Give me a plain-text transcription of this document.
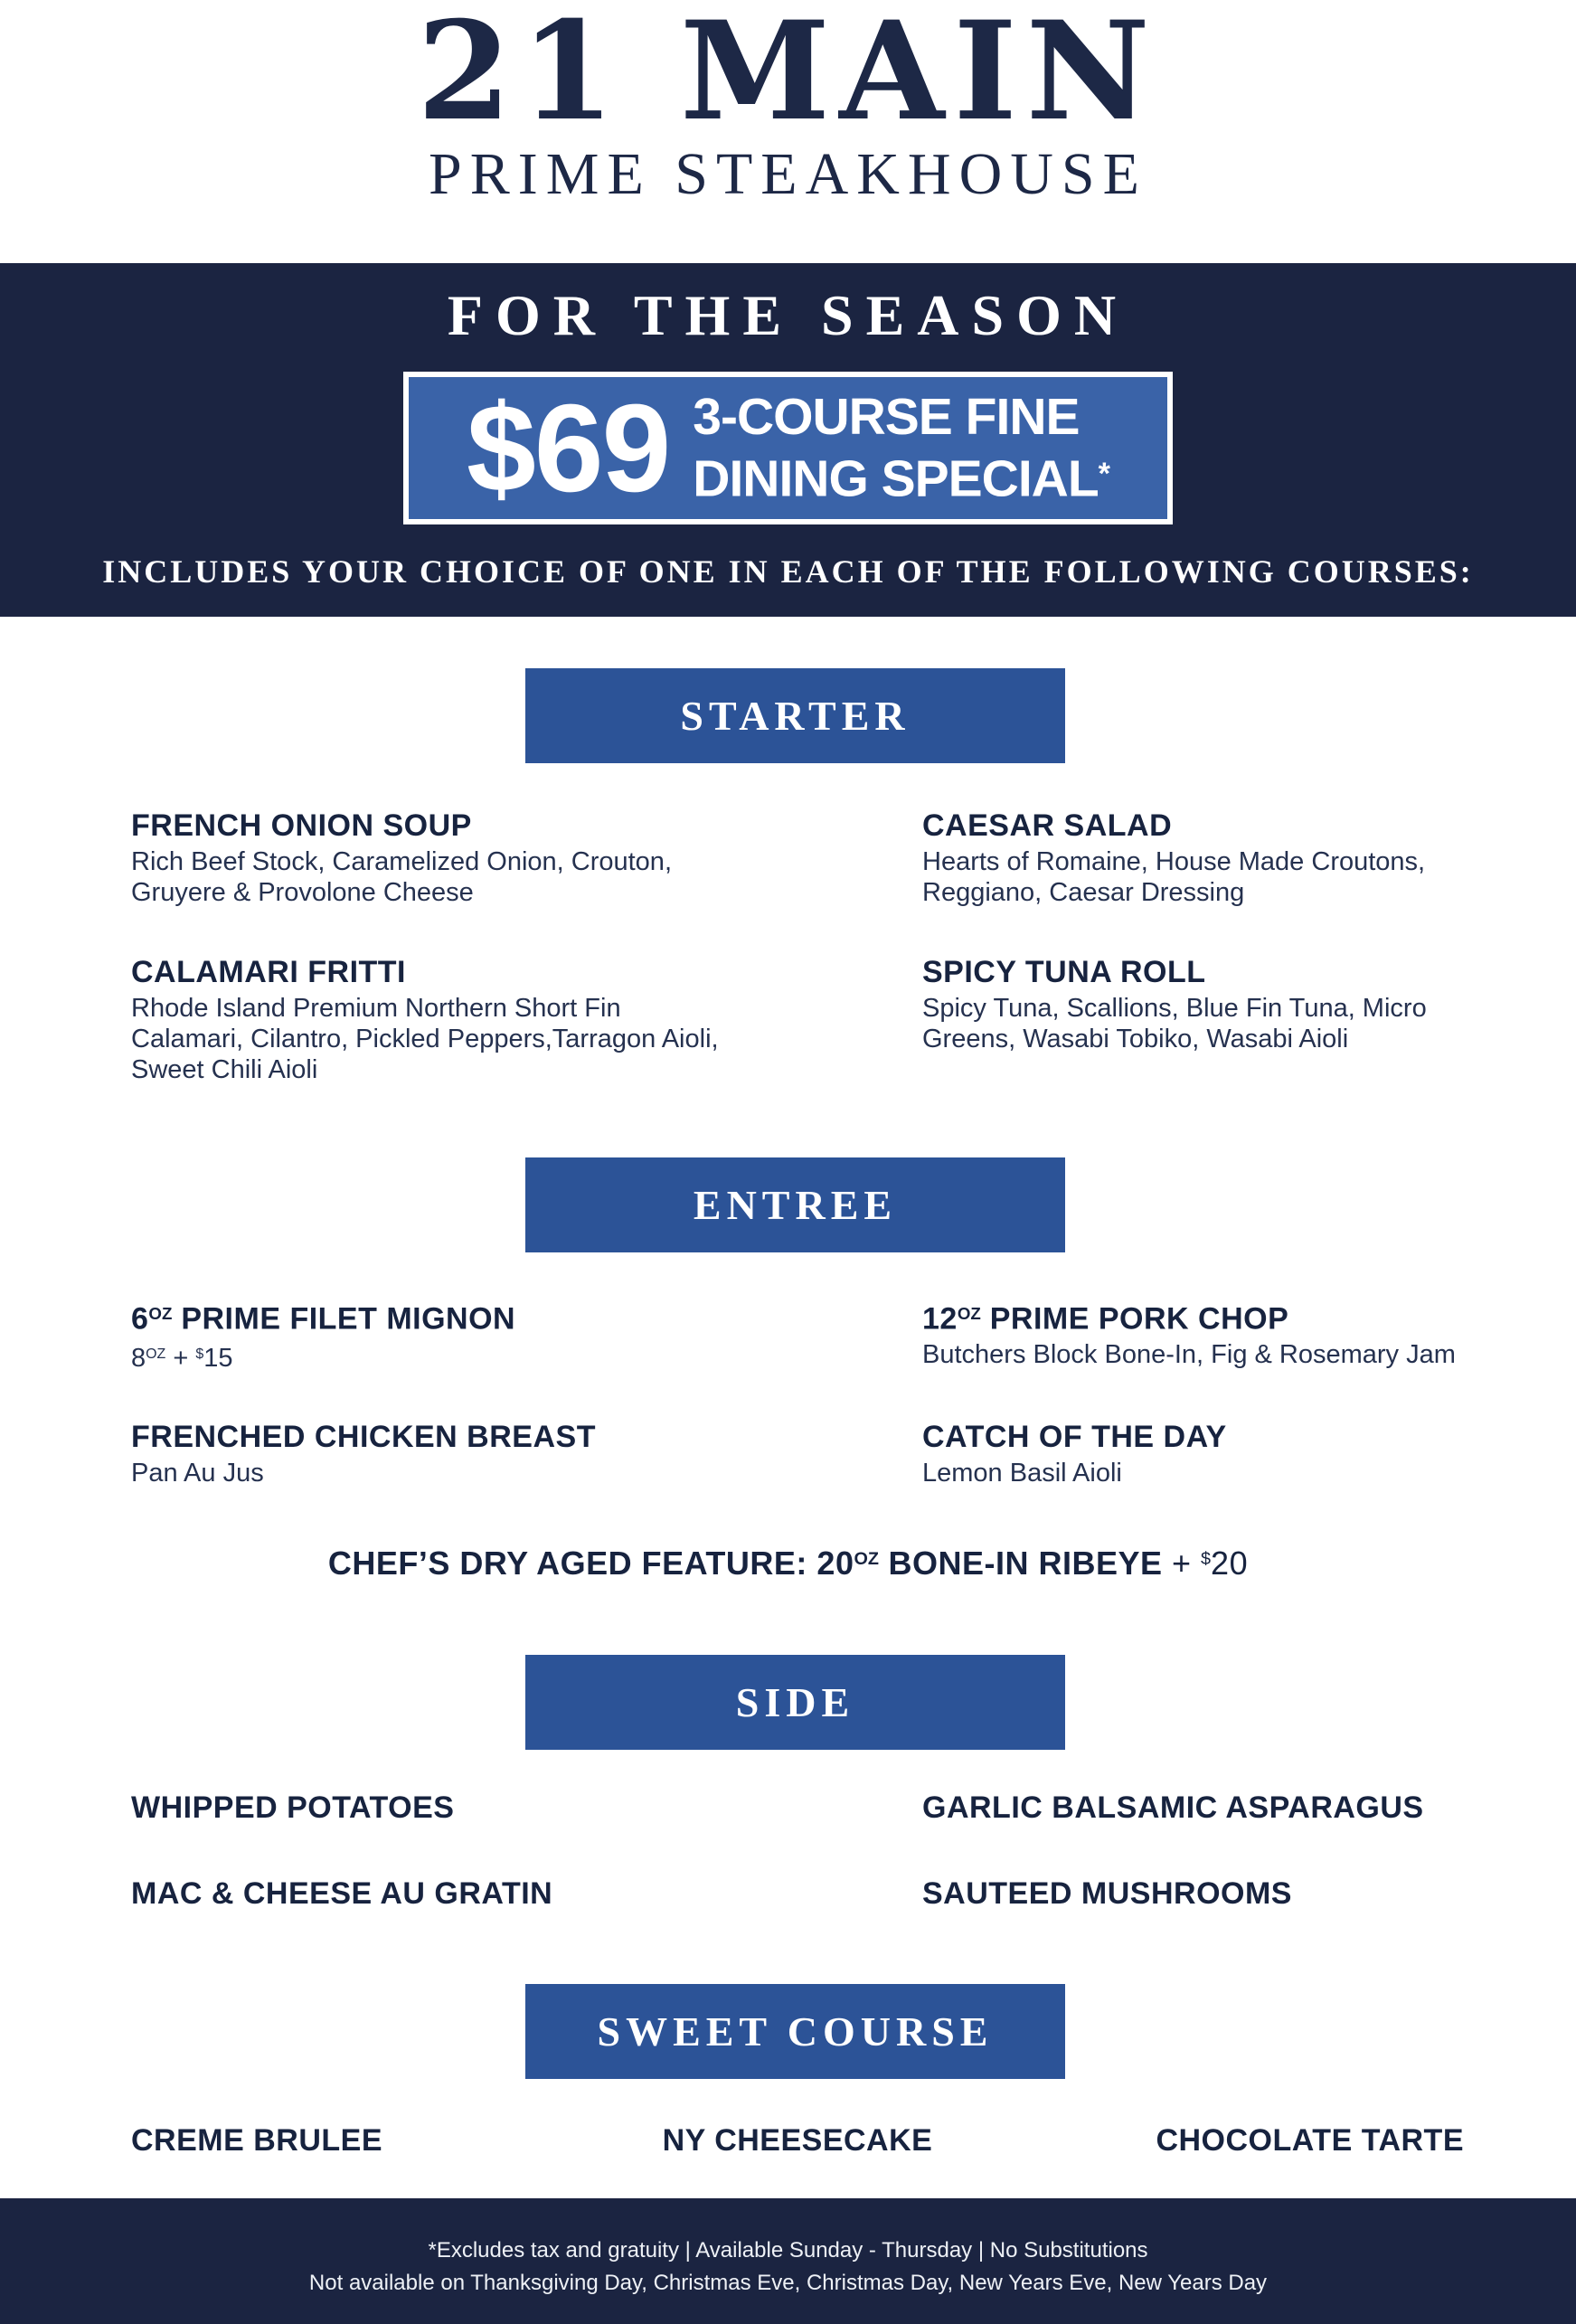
21 MAIN
PRIME STEAKHOUSE
FOR THE SEASON
$69 3-COURSE FINE
DINING SPECIAL*
INCLUDES YOUR CHOICE OF ONE IN EACH OF THE FOLLOWING COURSES:
STARTER
FRENCH ONION SOUP
Rich Beef Stock, Caramelized Onion, Crouton, Gruyere & Provolone Cheese
CAESAR SALAD
Hearts of Romaine, House Made Croutons, Reggiano, Caesar Dressing
CALAMARI FRITTI
Rhode Island Premium Northern Short Fin Calamari, Cilantro, Pickled Peppers,Tarragon Aioli, Sweet Chili Aioli
SPICY TUNA ROLL
Spicy Tuna, Scallions, Blue Fin Tuna, Micro Greens, Wasabi Tobiko, Wasabi Aioli
ENTREE
$6^{OZ}$ PRIME FILET MIGNON
$8^{OZ} + ^{\$}15$
$12^{OZ}$ PRIME PORK CHOP
Butchers Block Bone-In, Fig & Rosemary Jam
FRENCHED CHICKEN BREAST
Pan Au Jus
CATCH OF THE DAY
Lemon Basil Aioli
CHEF’S DRY AGED FEATURE: $20^{OZ}$ BONE-IN RIBEYE + $20
SIDE
WHIPPED POTATOES	GARLIC BALSAMIC ASPARAGUS
MAC & CHEESE AU GRATIN	SAUTEED MUSHROOMS
SWEET COURSE
CREME BRULEE	NY CHEESECAKE	CHOCOLATE TARTE
*Excludes tax and gratuity | Available Sunday - Thursday | No Substitutions
Not available on Thanksgiving Day, Christmas Eve, Christmas Day, New Years Eve, New Years Day
